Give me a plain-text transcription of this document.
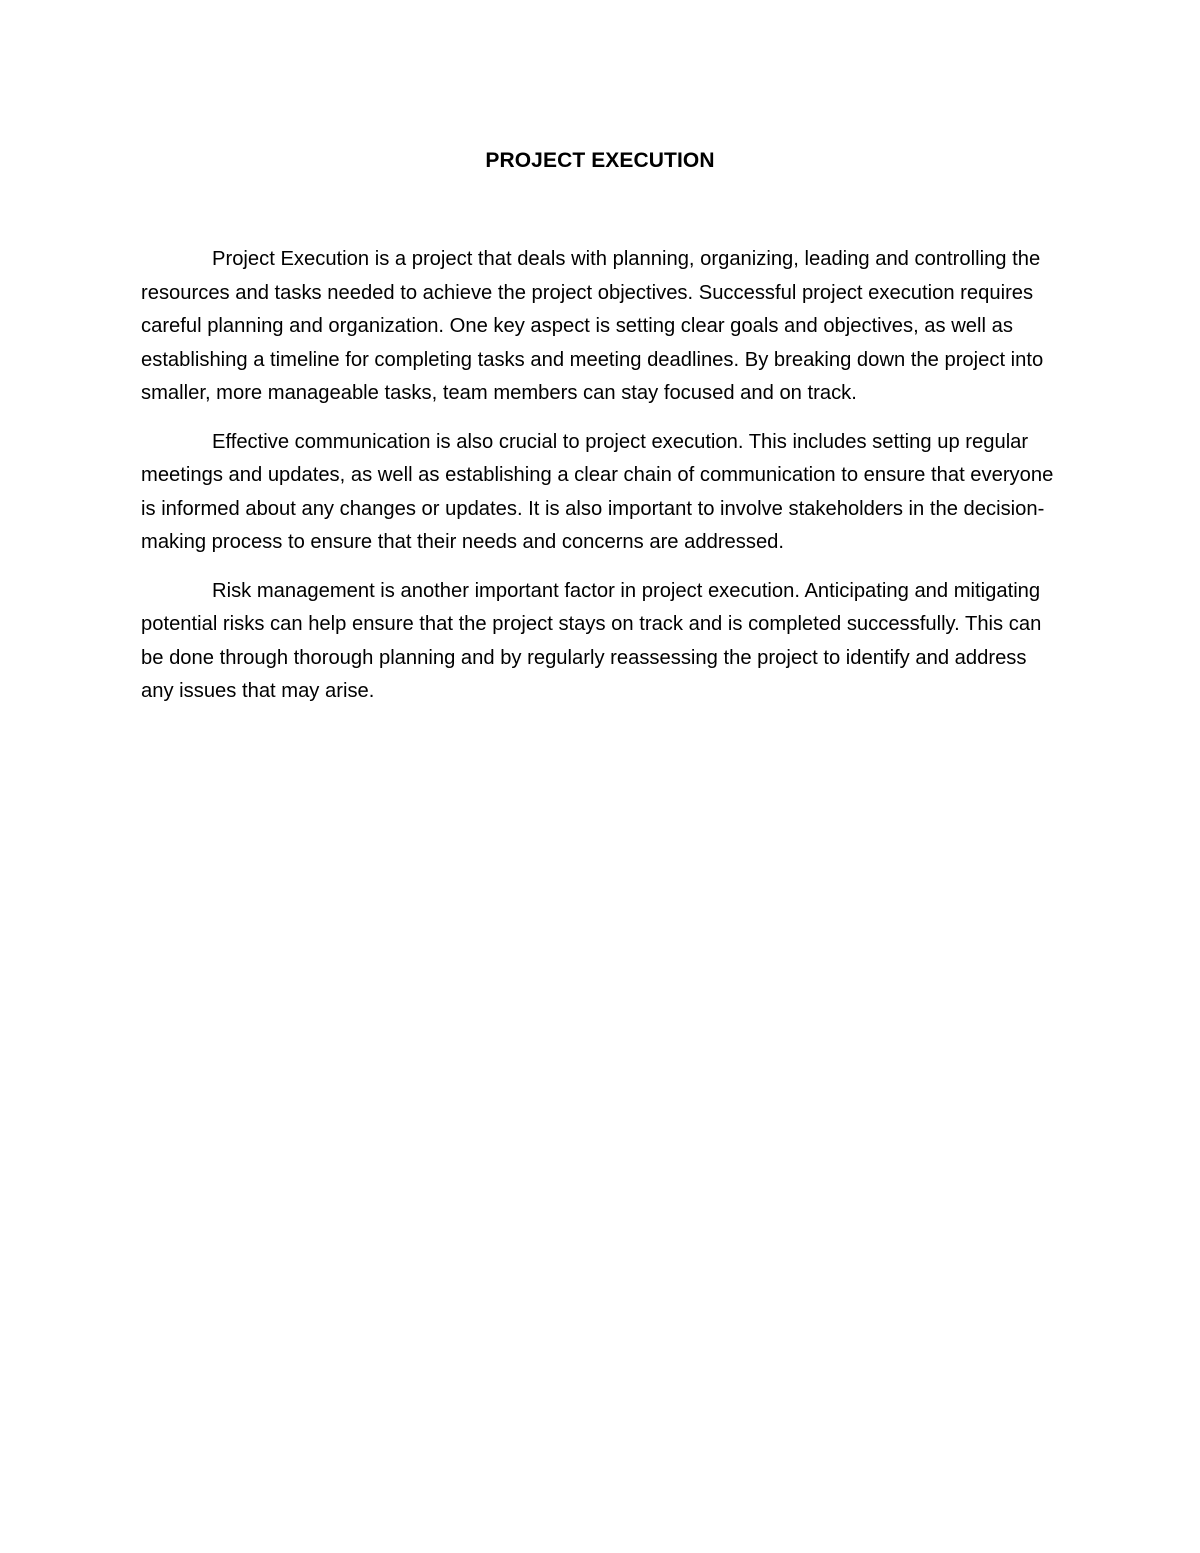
PROJECT EXECUTION

Project Execution is a project that deals with planning, organizing, leading and controlling the resources and tasks needed to achieve the project objectives. Successful project execution requires careful planning and organization. One key aspect is setting clear goals and objectives, as well as establishing a timeline for completing tasks and meeting deadlines. By breaking down the project into smaller, more manageable tasks, team members can stay focused and on track.

Effective communication is also crucial to project execution. This includes setting up regular meetings and updates, as well as establishing a clear chain of communication to ensure that everyone is informed about any changes or updates. It is also important to involve stakeholders in the decision-making process to ensure that their needs and concerns are addressed.

Risk management is another important factor in project execution. Anticipating and mitigating potential risks can help ensure that the project stays on track and is completed successfully. This can be done through thorough planning and by regularly reassessing the project to identify and address any issues that may arise.
